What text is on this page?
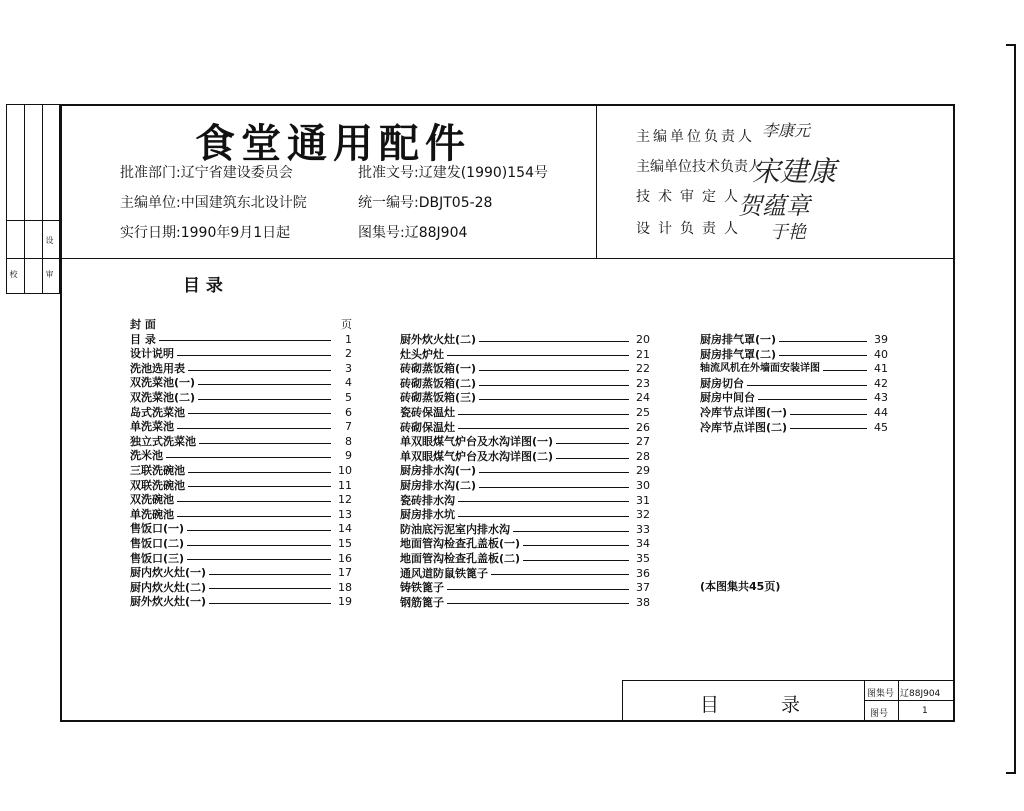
设
审
校
食堂通用配件
批准部门:辽宁省建设委员会	批准文号:辽建发(1990)154号
主编单位:中国建筑东北设计院	统一编号:DBJT05-28
实行日期:1990年9月1日起	图集号:辽88J904
主编单位负责人
主编单位技术负责人
技术审定人
设计负责人
李康元
宋建康
贺蕴章
于艳
目 录
封 面	页
目 录	1
设计说明	2
洗池选用表	3
双洗菜池(一)	4
双洗菜池(二)	5
岛式洗菜池	6
单洗菜池	7
独立式洗菜池	8
洗米池	9
三联洗碗池	10
双联洗碗池	11
双洗碗池	12
单洗碗池	13
售饭口(一)	14
售饭口(二)	15
售饭口(三)	16
厨内炊火灶(一)	17
厨内炊火灶(二)	18
厨外炊火灶(一)	19
厨外炊火灶(二)	20
灶头炉灶	21
砖砌蒸饭箱(一)	22
砖砌蒸饭箱(二)	23
砖砌蒸饭箱(三)	24
瓷砖保温灶	25
砖砌保温灶	26
单双眼煤气炉台及水沟详图(一)	27
单双眼煤气炉台及水沟详图(二)	28
厨房排水沟(一)	29
厨房排水沟(二)	30
瓷砖排水沟	31
厨房排水坑	32
防油底污泥室内排水沟	33
地面管沟检查孔盖板(一)	34
地面管沟检查孔盖板(二)	35
通风道防鼠铁篦子	36
铸铁篦子	37
钢筋篦子	38
厨房排气罩(一)	39
厨房排气罩(二)	40
轴流风机在外墙面安装详图	41
厨房切台	42
厨房中间台	43
冷库节点详图(一)	44
冷库节点详图(二)	45
(本图集共45页)
目 录	图集号 辽88J904
图号	1
